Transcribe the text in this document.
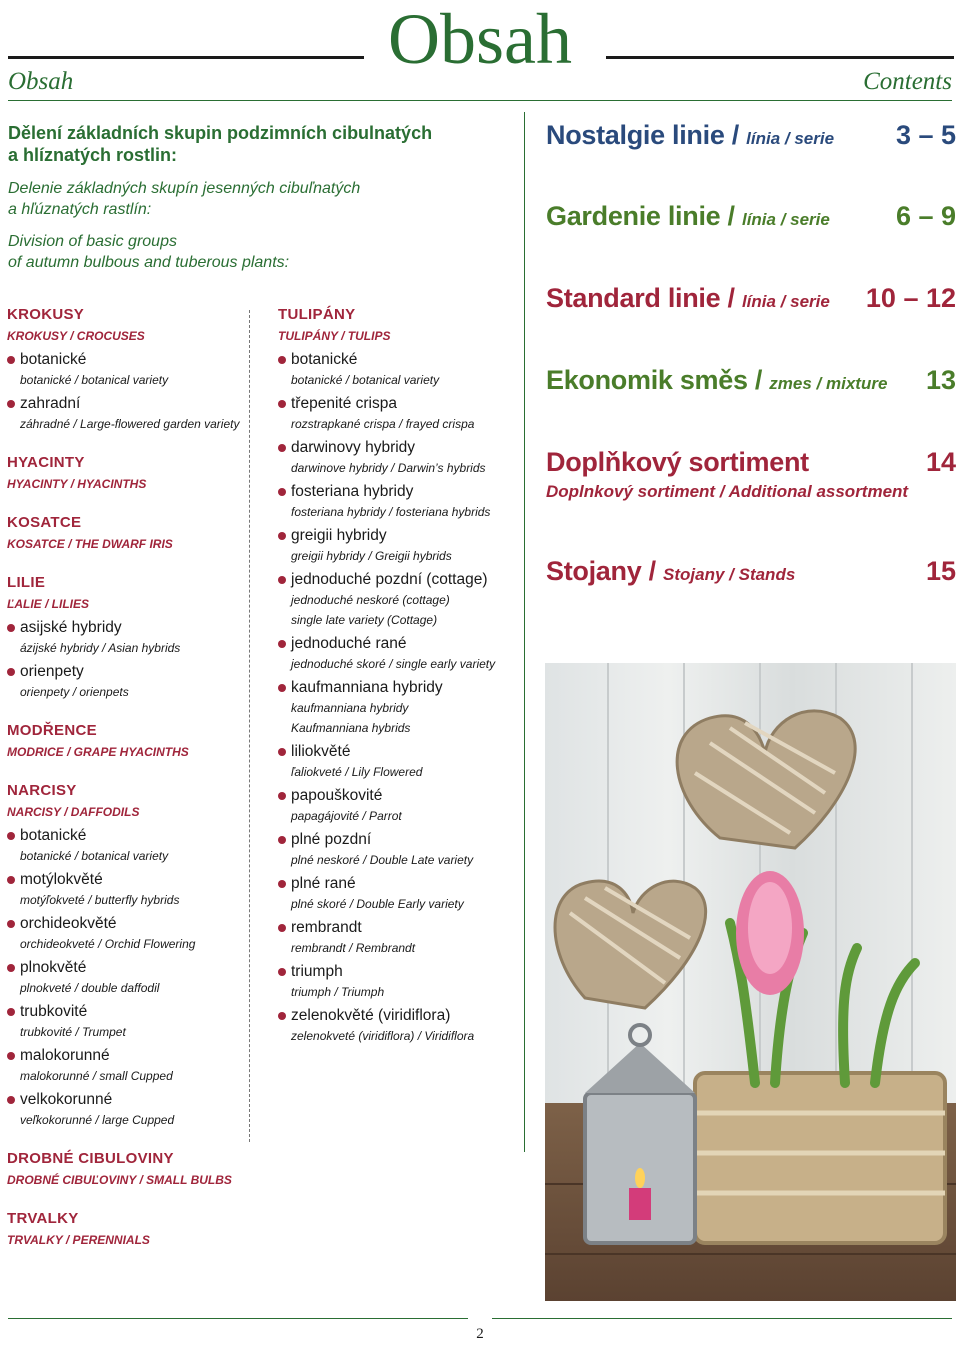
Obsah
Obsah	Contents
Dělení základních skupin podzimních cibulnatých
a hlíznatých rostlin:
Delenie základných skupín jesenných cibuľnatých
a hľúznatých rastlín:
Division of basic groups
of autumn bulbous and tuberous plants:
KROKUSY
KROKUSY / CROCUSES
botanické
botanické / botanical variety
zahradní
záhradné / Large-flowered garden variety
HYACINTY
HYACINTY / HYACINTHS
KOSATCE
KOSATCE / THE DWARF IRIS
LILIE
ĽALIE / LILIES
asijské hybridy
ázijské hybridy / Asian hybrids
orienpety
orienpety / orienpets
MODŘENCE
MODRICE / GRAPE HYACINTHS
NARCISY
NARCISY / DAFFODILS
botanické
botanické / botanical variety
motýlokvěté
motýľokveté / butterfly hybrids
orchideokvěté
orchideokveté / Orchid Flowering
plnokvěté
plnokveté / double daffodil
trubkovité
trubkovité / Trumpet
malokorunné
malokorunné / small Cupped
velkokorunné
veľkokorunné / large Cupped
DROBNÉ CIBULOVINY
DROBNÉ CIBUĽOVINY / SMALL BULBS
TRVALKY
TRVALKY / PERENNIALS
TULIPÁNY
TULIPÁNY / TULIPS
botanické
botanické / botanical variety
třepenité crispa
rozstrapkané crispa / frayed crispa
darwinovy hybridy
darwinove hybridy / Darwin’s hybrids
fosteriana hybridy
fosteriana hybridy / fosteriana hybrids
greigii hybridy
greigii hybridy / Greigii hybrids
jednoduché pozdní (cottage)
jednoduché neskoré (cottage)
single late variety (Cottage)
jednoduché rané
jednoduché skoré / single early variety
kaufmanniana hybridy
kaufmanniana hybridy
Kaufmanniana hybrids
liliokvěté
ľaliokveté / Lily Flowered
papouškovité
papagájovité / Parrot
plné pozdní
plné neskoré / Double Late variety
plné rané
plné skoré / Double Early variety
rembrandt
rembrandt / Rembrandt
triumph
triumph / Triumph
zelenokvěté (viridiflora)
zelenokveté (viridiflora) / Viridiflora
Nostalgie linie / línia / serie 3 – 5
Gardenie linie / línia / serie 6 – 9
Standard linie / línia / serie 10 – 12
Ekonomik směs / zmes / mixture 13
Doplňkový sortiment	14
Doplnkový sortiment / Additional assortment
Stojany / Stojany / Stands	15
2
